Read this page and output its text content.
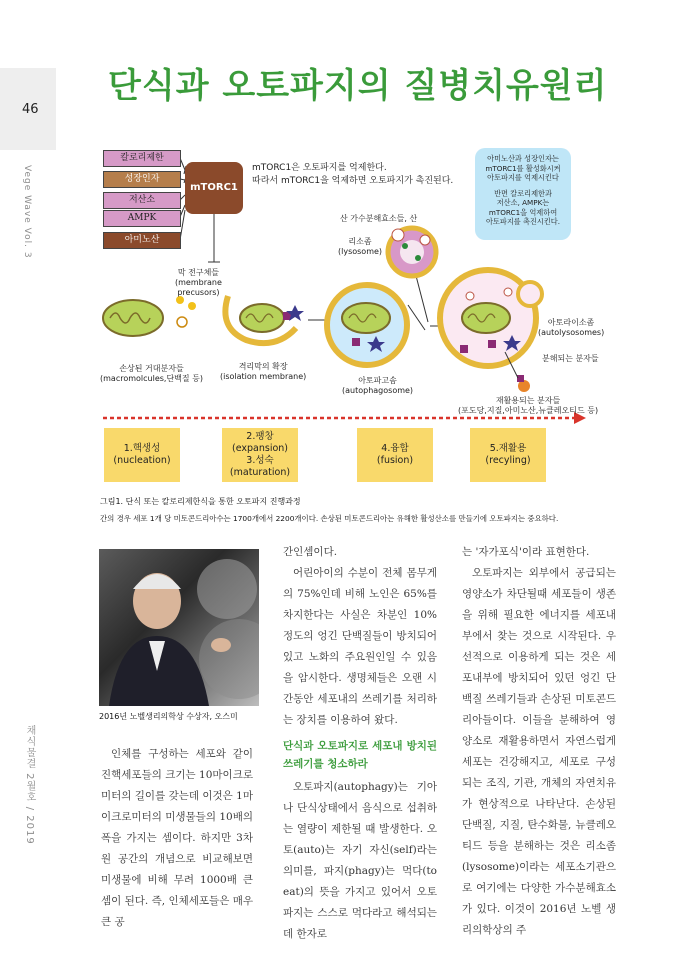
46
Vege Wave Vol. 3
채식물결 2월호 / 2019
단식과 오토파지의 질병치유원리
칼로리제한
성장인자
저산소
AMPK
아미노산
mTORC1
mTORC1은 오토파지를 억제한다.
따라서 mTORC1을 억제하면 오토파지가 촉진된다.
아미노산과 성장인자는
mTORC1를 활성화시켜
아토파지를 억제시킨다
반면 칼로리제한과
저산소, AMPK는
mTORC1을 억제하여
아토파지를 촉진시킨다.
막 전구체들
(membrane
precusors)
손상된 거대분자들
(macromolcules,단백질 등)
격리막의 확장
(isolation membrane)
산 가수분해효소들, 산
리소좀
(lysosome)
아토파고솜
(autophagosome)
아토라이소좀
(autolysosomes)
분해되는 분자들
재활용되는 분자들
(포도당,지질,아미노산,뉴클레오티드 등)
1.핵생성
(nucleation)
2.팽창
(expansion)
3.성숙
(maturation)
4.융합
(fusion)
5.재활용
(recyling)
그림1. 단식 또는 칼로리제한식을 통한 오토파지 진행과정
간의 경우 세포 1개 당 미토콘드리아수는 1700개에서 2200개이다. 손상된 미토콘드리아는 유해한 활성산소를 만들기에 오토파지는 중요하다.
2016년 노벨생리의학상 수상자, 오스미

인체를 구성하는 세포와 같이 진핵세포들의 크기는 10마이크로미터의 길이를 갖는데 이것은 1마이크로미터의 미생물들의 10배의 폭을 가지는 셈이다. 하지만 3차원 공간의 개념으로 비교해보면 미생물에 비해 무려 1000배 큰 셈이 된다. 즉, 인체세포들은 매우 큰 공

간인셈이다.

어린아이의 수분이 전체 몸무게의 75%인데 비해 노인은 65%를 차지한다는 사실은 차분인 10%정도의 엉긴 단백질들이 방치되어 있고 노화의 주요원인일 수 있음을 암시한다. 생명체들은 오랜 시간동안 세포내의 쓰레기를 처리하는 장치를 이용하여 왔다.

단식과 오토파지로 세포내 방치된 쓰레기를 청소하라

오토파지(autophagy)는 기아나 단식상태에서 음식으로 섭취하는 열량이 제한될 때 발생한다. 오토(auto)는 자기 자신(self)라는 의미를, 파지(phagy)는 먹다(to eat)의 뜻을 가지고 있어서 오토파지는 스스로 먹다라고 해석되는데 한자로

는 '자가포식'이라 표현한다.

오토파지는 외부에서 공급되는 영양소가 차단될때 세포들이 생존을 위해 필요한 에너지를 세포내부에서 찾는 것으로 시작된다. 우선적으로 이용하게 되는 것은 세포내부에 방치되어 있던 엉긴 단백질 쓰레기들과 손상된 미토콘드리아들이다. 이들을 분해하여 영양소로 재활용하면서 자연스럽게 세포는 건강해지고, 세포로 구성되는 조직, 기관, 개체의 자연치유가 현상적으로 나타난다. 손상된 단백질, 지질, 탄수화물, 뉴클레오티드 등을 분해하는 것은 리소좀(lysosome)이라는 세포소기관으로 여기에는 다양한 가수분해효소가 있다. 이것이 2016년 노벨 생리의학상의 주
